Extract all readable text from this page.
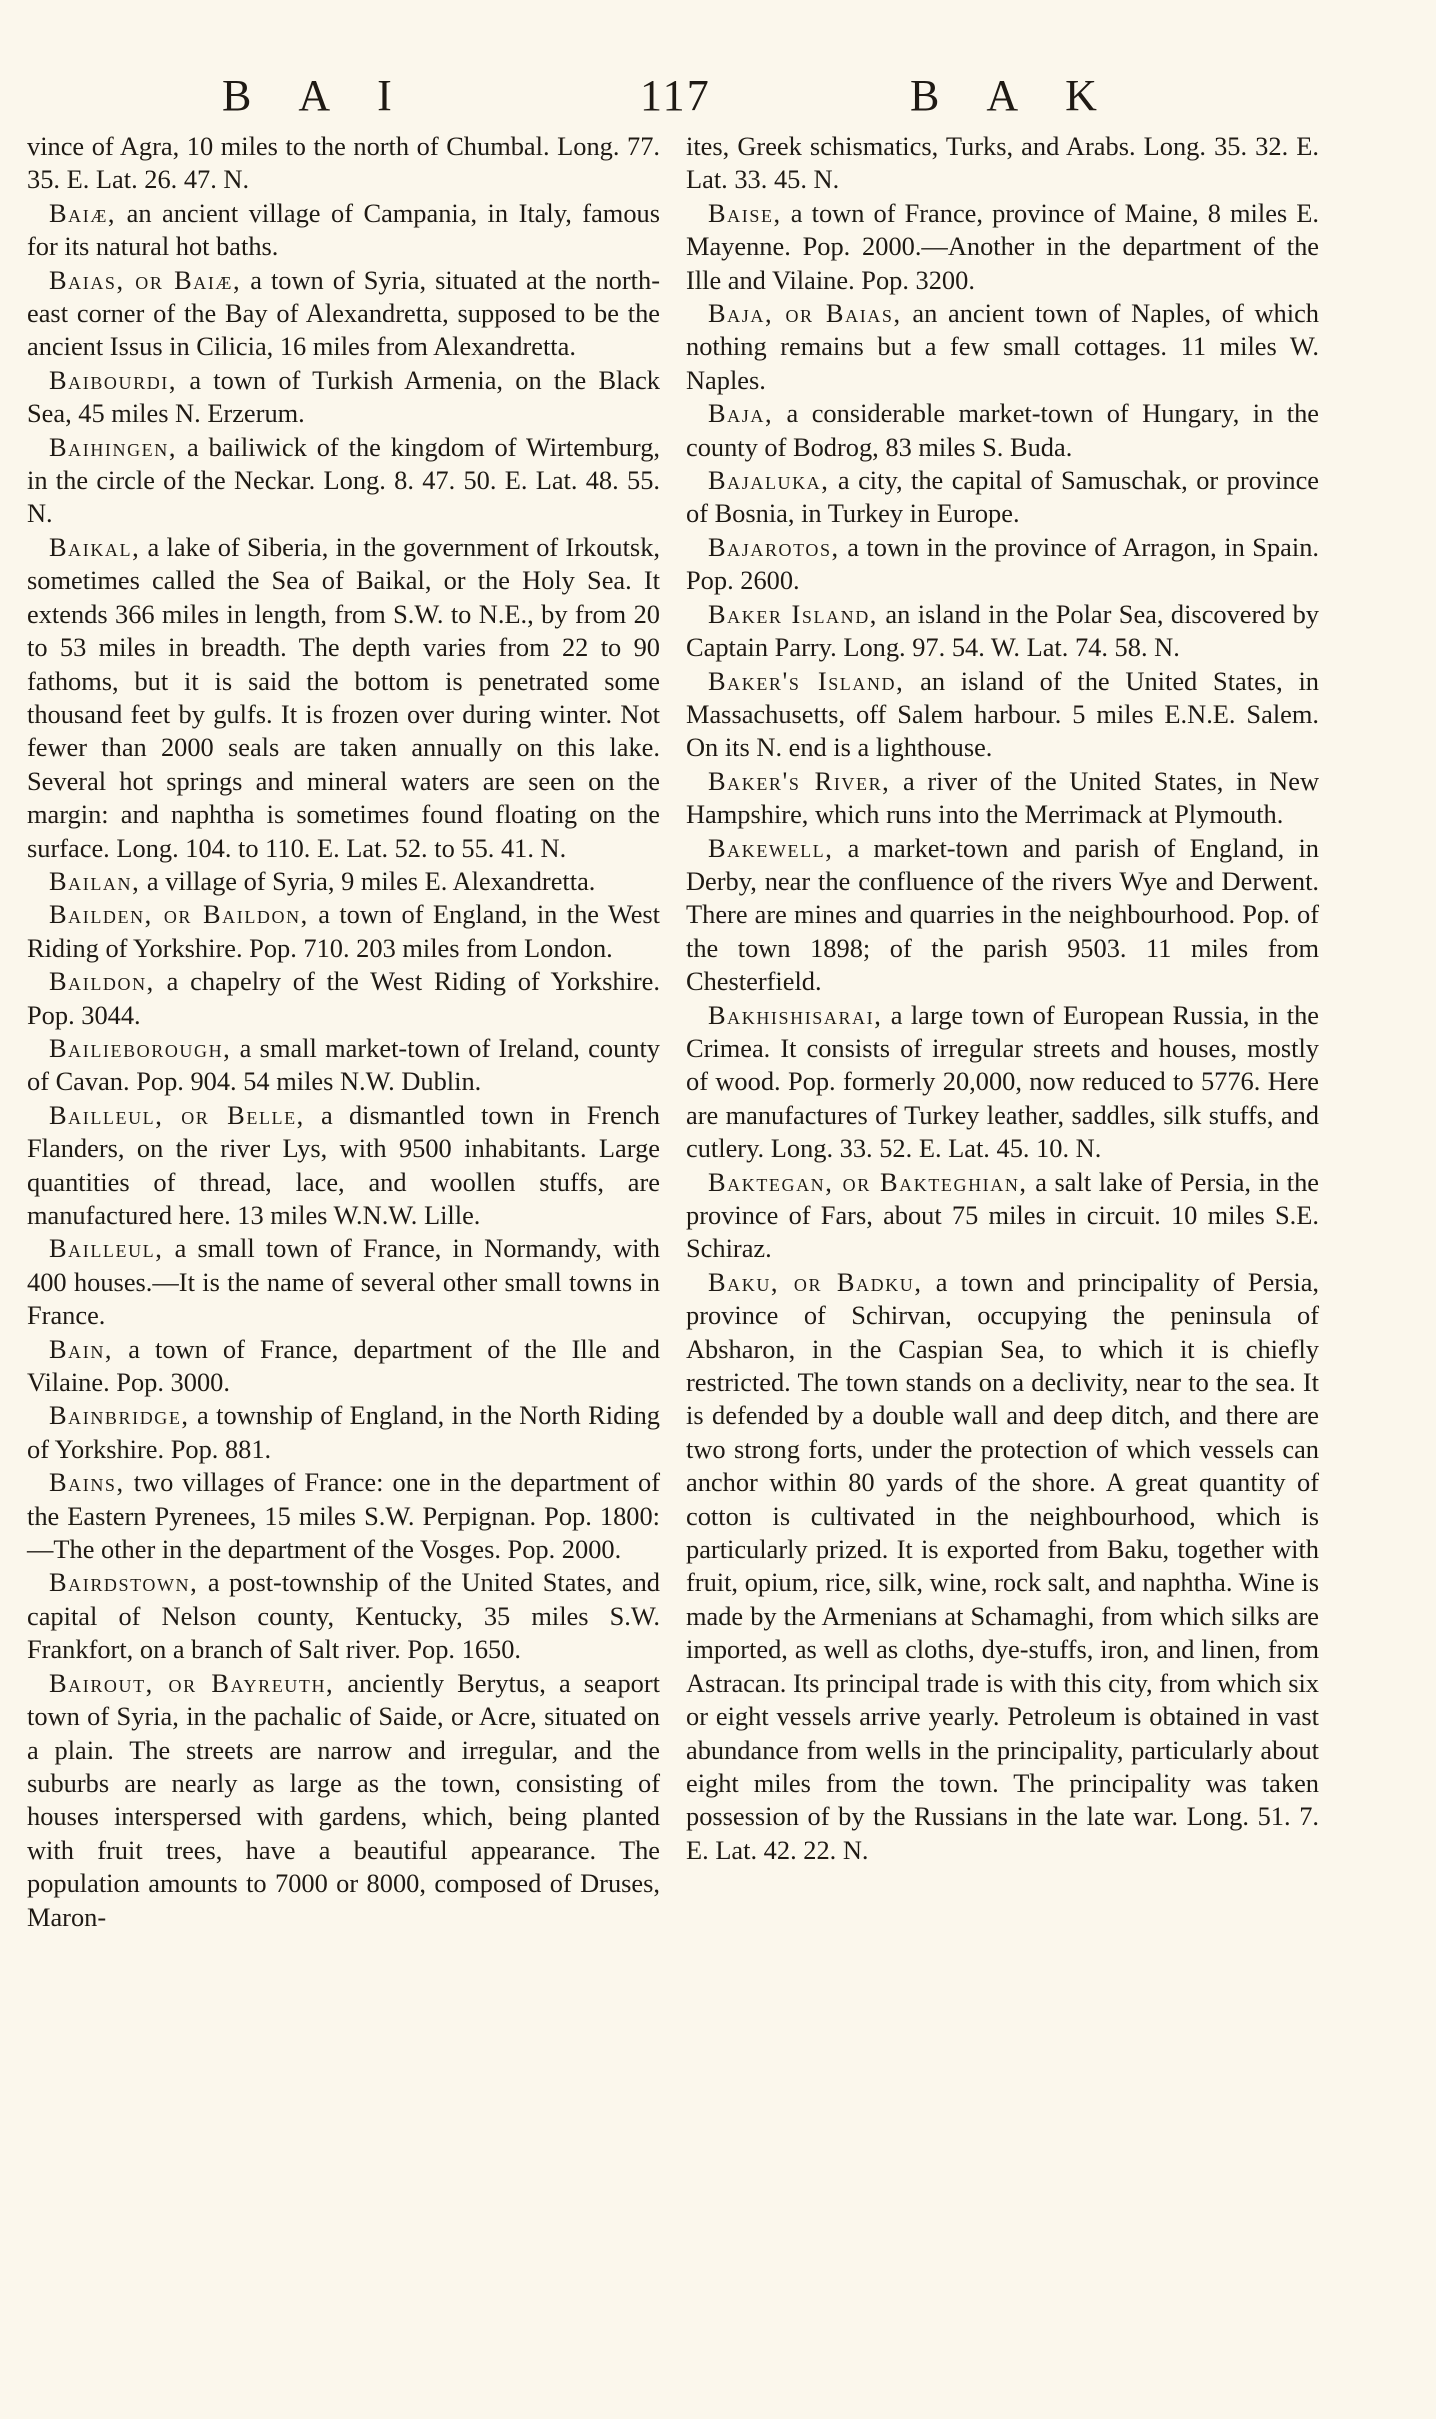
B A I	117	B A K

vince of Agra, 10 miles to the north of Chumbal. Long. 77. 35. E. Lat. 26. 47. N.

Baiæ, an ancient village of Campania, in Italy, famous for its natural hot baths.

Baias, or Baiæ, a town of Syria, situated at the north-east corner of the Bay of Alexandretta, supposed to be the ancient Issus in Cilicia, 16 miles from Alexandretta.

Baibourdi, a town of Turkish Armenia, on the Black Sea, 45 miles N. Erzerum.

Baihingen, a bailiwick of the kingdom of Wirtemburg, in the circle of the Neckar. Long. 8. 47. 50. E. Lat. 48. 55. N.

Baikal, a lake of Siberia, in the government of Irkoutsk, sometimes called the Sea of Baikal, or the Holy Sea. It extends 366 miles in length, from S.W. to N.E., by from 20 to 53 miles in breadth. The depth varies from 22 to 90 fathoms, but it is said the bottom is penetrated some thousand feet by gulfs. It is frozen over during winter. Not fewer than 2000 seals are taken annually on this lake. Several hot springs and mineral waters are seen on the margin: and naphtha is sometimes found floating on the surface. Long. 104. to 110. E. Lat. 52. to 55. 41. N.

Bailan, a village of Syria, 9 miles E. Alexandretta.

Bailden, or Baildon, a town of England, in the West Riding of Yorkshire. Pop. 710. 203 miles from London.

Baildon, a chapelry of the West Riding of Yorkshire. Pop. 3044.

Bailieborough, a small market-town of Ireland, county of Cavan. Pop. 904. 54 miles N.W. Dublin.

Bailleul, or Belle, a dismantled town in French Flanders, on the river Lys, with 9500 inhabitants. Large quantities of thread, lace, and woollen stuffs, are manufactured here. 13 miles W.N.W. Lille.

Bailleul, a small town of France, in Normandy, with 400 houses.—It is the name of several other small towns in France.

Bain, a town of France, department of the Ille and Vilaine. Pop. 3000.

Bainbridge, a township of England, in the North Riding of Yorkshire. Pop. 881.

Bains, two villages of France: one in the department of the Eastern Pyrenees, 15 miles S.W. Perpignan. Pop. 1800:—The other in the department of the Vosges. Pop. 2000.

Bairdstown, a post-township of the United States, and capital of Nelson county, Kentucky, 35 miles S.W. Frankfort, on a branch of Salt river. Pop. 1650.

Bairout, or Bayreuth, anciently Berytus, a seaport town of Syria, in the pachalic of Saide, or Acre, situated on a plain. The streets are narrow and irregular, and the suburbs are nearly as large as the town, consisting of houses interspersed with gardens, which, being planted with fruit trees, have a beautiful appearance. The population amounts to 7000 or 8000, composed of Druses, Maron-

ites, Greek schismatics, Turks, and Arabs. Long. 35. 32. E. Lat. 33. 45. N.

Baise, a town of France, province of Maine, 8 miles E. Mayenne. Pop. 2000.—Another in the department of the Ille and Vilaine. Pop. 3200.

Baja, or Baias, an ancient town of Naples, of which nothing remains but a few small cottages. 11 miles W. Naples.

Baja, a considerable market-town of Hungary, in the county of Bodrog, 83 miles S. Buda.

Bajaluka, a city, the capital of Samuschak, or province of Bosnia, in Turkey in Europe.

Bajarotos, a town in the province of Arragon, in Spain. Pop. 2600.

Baker Island, an island in the Polar Sea, discovered by Captain Parry. Long. 97. 54. W. Lat. 74. 58. N.

Baker's Island, an island of the United States, in Massachusetts, off Salem harbour. 5 miles E.N.E. Salem. On its N. end is a lighthouse.

Baker's River, a river of the United States, in New Hampshire, which runs into the Merrimack at Plymouth.

Bakewell, a market-town and parish of England, in Derby, near the confluence of the rivers Wye and Derwent. There are mines and quarries in the neighbourhood. Pop. of the town 1898; of the parish 9503. 11 miles from Chesterfield.

Bakhishisarai, a large town of European Russia, in the Crimea. It consists of irregular streets and houses, mostly of wood. Pop. formerly 20,000, now reduced to 5776. Here are manufactures of Turkey leather, saddles, silk stuffs, and cutlery. Long. 33. 52. E. Lat. 45. 10. N.

Baktegan, or Bakteghian, a salt lake of Persia, in the province of Fars, about 75 miles in circuit. 10 miles S.E. Schiraz.

Baku, or Badku, a town and principality of Persia, province of Schirvan, occupying the peninsula of Absharon, in the Caspian Sea, to which it is chiefly restricted. The town stands on a declivity, near to the sea. It is defended by a double wall and deep ditch, and there are two strong forts, under the protection of which vessels can anchor within 80 yards of the shore. A great quantity of cotton is cultivated in the neighbourhood, which is particularly prized. It is exported from Baku, together with fruit, opium, rice, silk, wine, rock salt, and naphtha. Wine is made by the Armenians at Schamaghi, from which silks are imported, as well as cloths, dye-stuffs, iron, and linen, from Astracan. Its principal trade is with this city, from which six or eight vessels arrive yearly. Petroleum is obtained in vast abundance from wells in the principality, particularly about eight miles from the town. The principality was taken possession of by the Russians in the late war. Long. 51. 7. E. Lat. 42. 22. N.
